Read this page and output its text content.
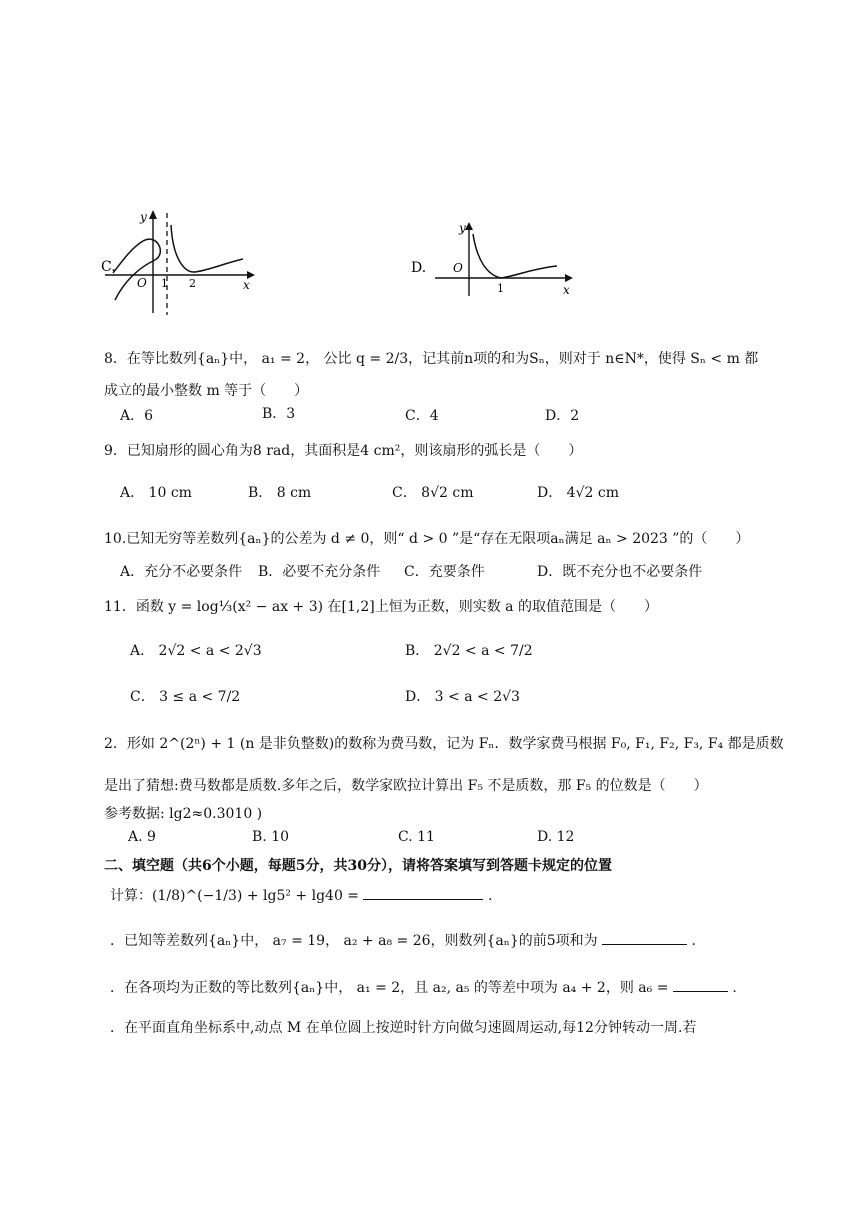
C.
y
O 1 2	x
D.
y
O
1	x
8．在等比数列{aₙ}中， a₁ = 2， 公比 q = 2/3，记其前n项的和为Sₙ，则对于 n∈N*，使得 Sₙ < m 都
成立的最小整数 m 等于（　　）
A．6	B．3	C．4	D．2
9．已知扇形的圆心角为8 rad，其面积是4 cm²，则该扇形的弧长是（　　）
A． 10 cm	B． 8 cm	C． 8√2 cm	D． 4√2 cm
10.已知无穷等差数列{aₙ}的公差为 d ≠ 0，则“ d > 0 ”是“存在无限项aₙ满足 aₙ > 2023 ”的（　　）
A．充分不必要条件 B．必要不充分条件 C．充要条件	D．既不充分也不必要条件
11．函数 y = log⅓(x² − ax + 3) 在[1,2]上恒为正数，则实数 a 的取值范围是（　　）
A． 2√2 < a < 2√3	B． 2√2 < a < 7/2
C． 3 ≤ a < 7/2	D． 3 < a < 2√3
2．形如 2^(2ⁿ) + 1 (n 是非负整数)的数称为费马数，记为 Fₙ．数学家费马根据 F₀, F₁, F₂, F₃, F₄ 都是质数
是出了猜想:费马数都是质数.多年之后，数学家欧拉计算出 F₅ 不是质数，那 F₅ 的位数是（　　）
参考数据: lg2≈0.3010 )
A. 9	B. 10	C. 11	D. 12
二、填空题（共6个小题，每题5分，共30分），请将答案填写到答题卡规定的位置
计算：(1/8)^(−1/3) + lg5² + lg40 =	.
．已知等差数列{aₙ}中， a₇ = 19， a₂ + a₈ = 26，则数列{aₙ}的前5项和为	.
．在各项均为正数的等比数列{aₙ}中， a₁ = 2，且 a₂, a₅ 的等差中项为 a₄ + 2，则 a₆ =	.
．在平面直角坐标系中,动点 M 在单位圆上按逆时针方向做匀速圆周运动,每12分钟转动一周.若
